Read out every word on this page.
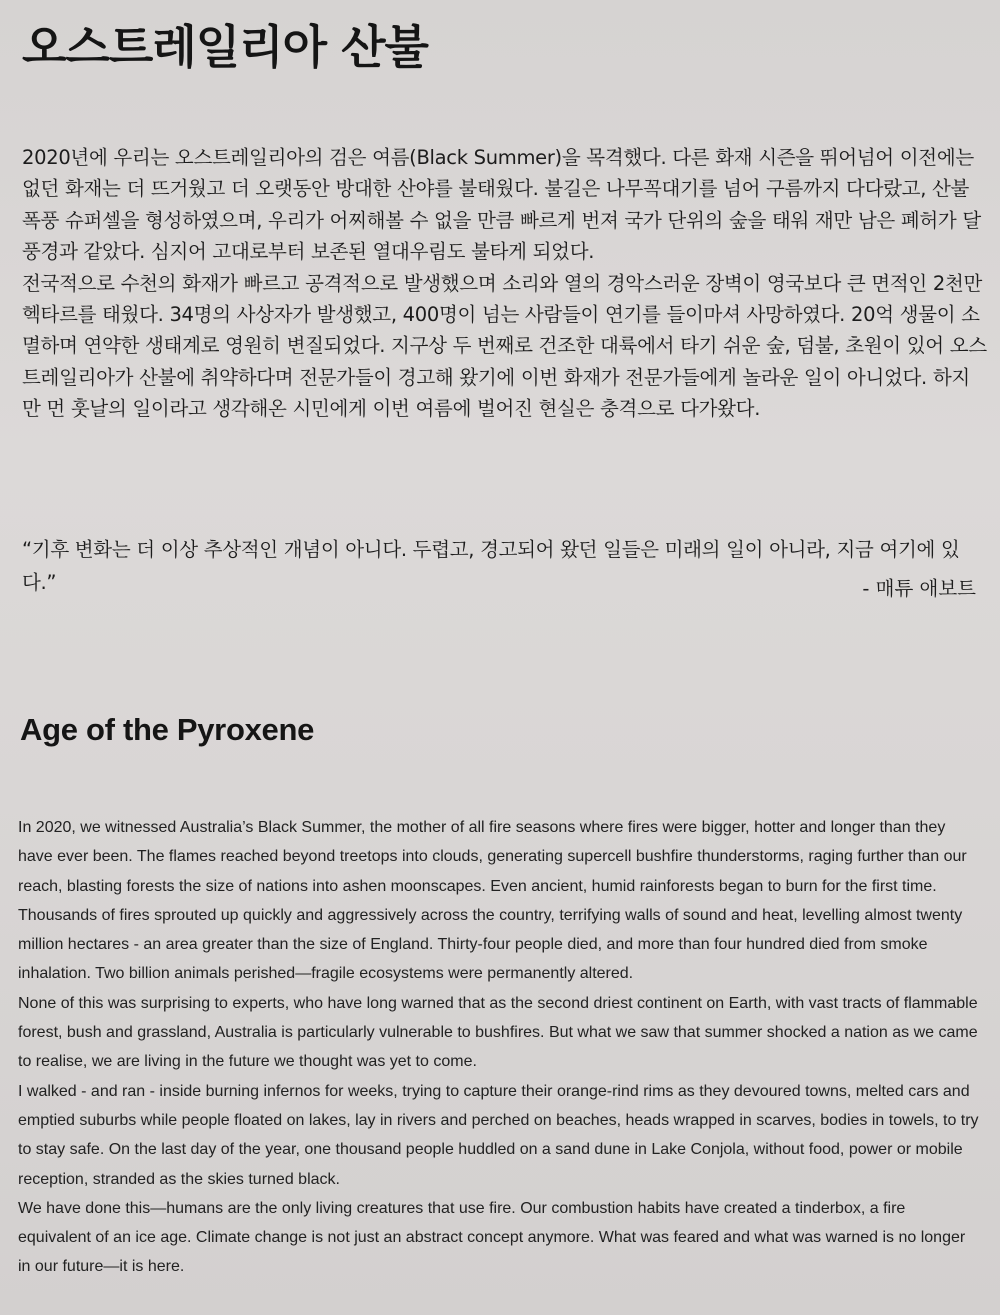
오스트레일리아 산불

2020년에 우리는 오스트레일리아의 검은 여름(Black Summer)을 목격했다. 다른 화재 시즌을 뛰어넘어 이전에는 없던 화재는 더 뜨거웠고 더 오랫동안 방대한 산야를 불태웠다. 불길은 나무꼭대기를 넘어 구름까지 다다랐고, 산불 폭풍 슈퍼셀을 형성하였으며, 우리가 어찌해볼 수 없을 만큼 빠르게 번져 국가 단위의 숲을 태워 재만 남은 폐허가 달 풍경과 같았다. 심지어 고대로부터 보존된 열대우림도 불타게 되었다.

전국적으로 수천의 화재가 빠르고 공격적으로 발생했으며 소리와 열의 경악스러운 장벽이 영국보다 큰 면적인 2천만 헥타르를 태웠다. 34명의 사상자가 발생했고, 400명이 넘는 사람들이 연기를 들이마셔 사망하였다. 20억 생물이 소멸하며 연약한 생태계로 영원히 변질되었다. 지구상 두 번째로 건조한 대륙에서 타기 쉬운 숲, 덤불, 초원이 있어 오스트레일리아가 산불에 취약하다며 전문가들이 경고해 왔기에 이번 화재가 전문가들에게 놀라운 일이 아니었다. 하지만 먼 훗날의 일이라고 생각해온 시민에게 이번 여름에 벌어진 현실은 충격으로 다가왔다.

“기후 변화는 더 이상 추상적인 개념이 아니다. 두렵고, 경고되어 왔던 일들은 미래의 일이 아니라, 지금 여기에 있다.”	- 매튜 애보트
Age of the Pyroxene

In 2020, we witnessed Australia’s Black Summer, the mother of all fire seasons where fires were bigger, hotter and longer than they have ever been. The flames reached beyond treetops into clouds, generating supercell bushfire thunderstorms, raging further than our reach, blasting forests the size of nations into ashen moonscapes. Even ancient, humid rainforests began to burn for the first time.

Thousands of fires sprouted up quickly and aggressively across the country, terrifying walls of sound and heat, levelling almost twenty million hectares - an area greater than the size of England. Thirty-four people died, and more than four hundred died from smoke inhalation. Two billion animals perished—fragile ecosystems were permanently altered.

None of this was surprising to experts, who have long warned that as the second driest continent on Earth, with vast tracts of flammable forest, bush and grassland, Australia is particularly vulnerable to bushfires. But what we saw that summer shocked a nation as we came to realise, we are living in the future we thought was yet to come.

I walked - and ran - inside burning infernos for weeks, trying to capture their orange-rind rims as they devoured towns, melted cars and emptied suburbs while people floated on lakes, lay in rivers and perched on beaches, heads wrapped in scarves, bodies in towels, to try to stay safe. On the last day of the year, one thousand people huddled on a sand dune in Lake Conjola, without food, power or mobile reception, stranded as the skies turned black.

We have done this—humans are the only living creatures that use fire. Our combustion habits have created a tinderbox, a fire equivalent of an ice age. Climate change is not just an abstract concept anymore. What was feared and what was warned is no longer in our future—it is here.
